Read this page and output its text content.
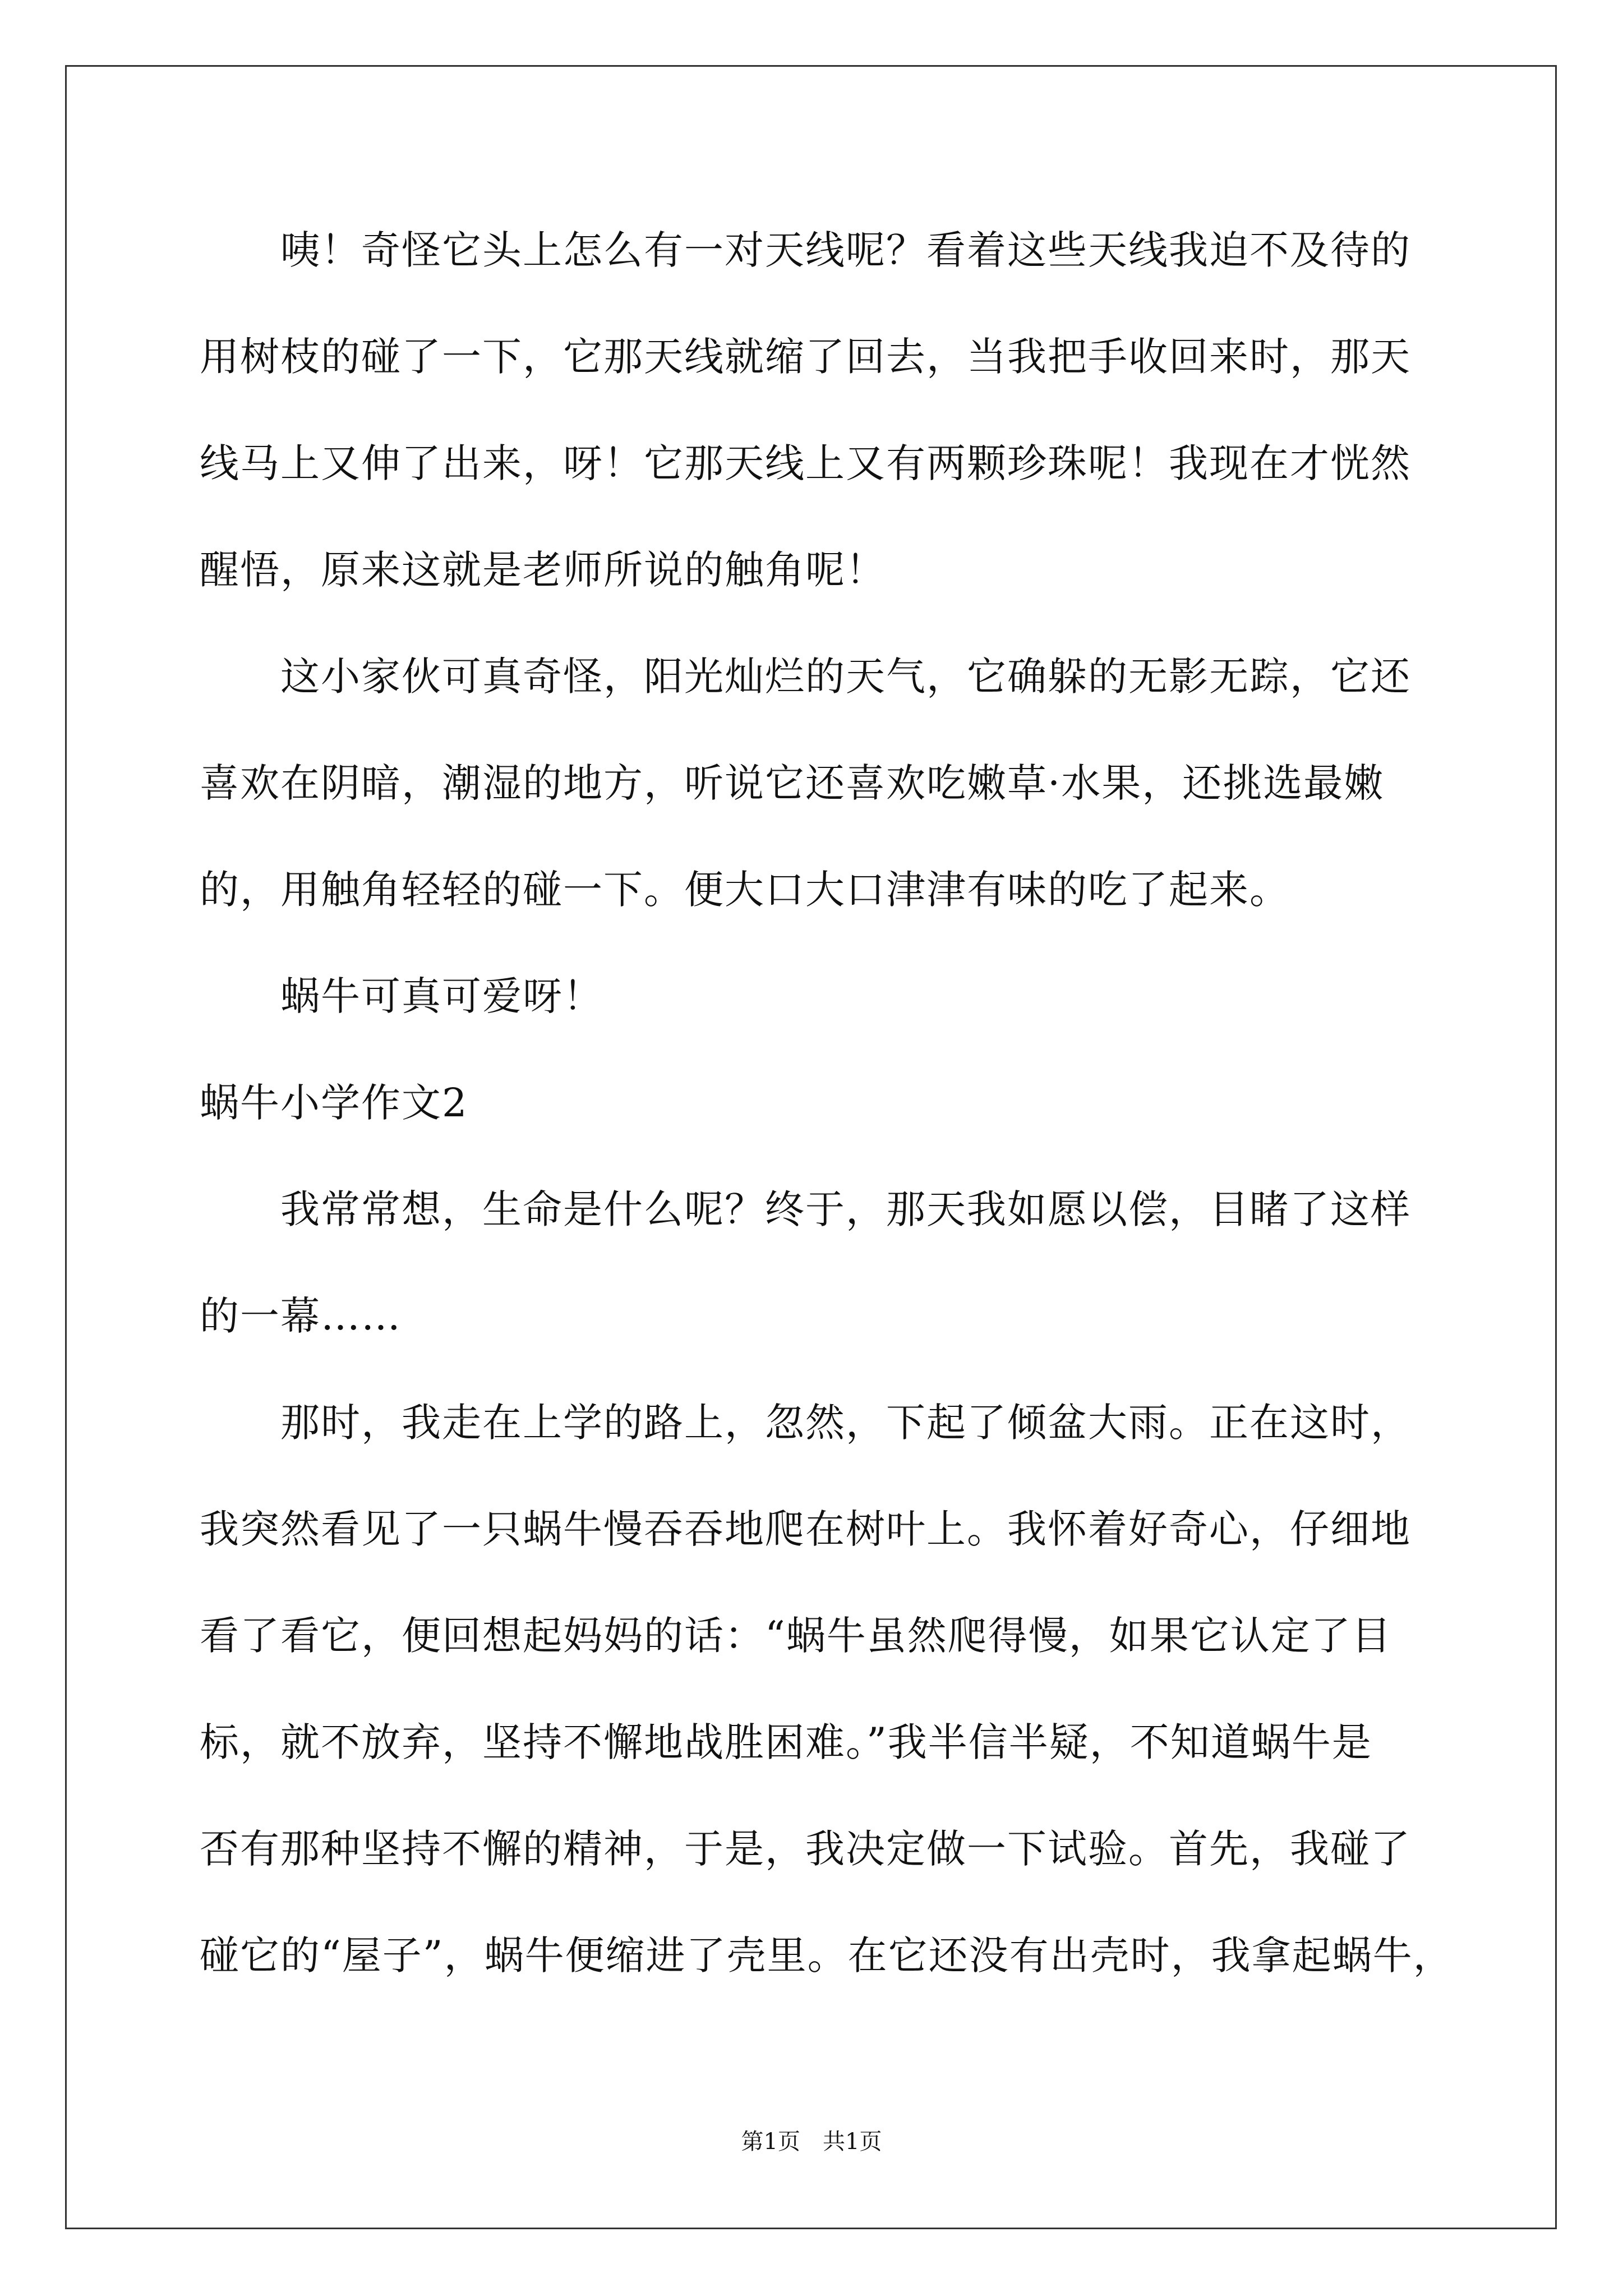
　　咦！奇怪它头上怎么有一对天线呢？看着这些天线我迫不及待的
用树枝的碰了一下，它那天线就缩了回去，当我把手收回来时，那天
线马上又伸了出来，呀！它那天线上又有两颗珍珠呢！我现在才恍然
醒悟，原来这就是老师所说的触角呢！
　　这小家伙可真奇怪，阳光灿烂的天气，它确躲的无影无踪，它还
喜欢在阴暗，潮湿的地方，听说它还喜欢吃嫩草·水果，还挑选最嫩
的，用触角轻轻的碰一下。便大口大口津津有味的吃了起来。
　　蜗牛可真可爱呀！
蜗牛小学作文2
　　我常常想，生命是什么呢？终于，那天我如愿以偿，目睹了这样
的一幕……
　　那时，我走在上学的路上，忽然，下起了倾盆大雨。正在这时，
我突然看见了一只蜗牛慢吞吞地爬在树叶上。我怀着好奇心，仔细地
看了看它，便回想起妈妈的话：“蜗牛虽然爬得慢，如果它认定了目
标，就不放弃，坚持不懈地战胜困难。”我半信半疑，不知道蜗牛是
否有那种坚持不懈的精神，于是，我决定做一下试验。首先，我碰了
碰它的“屋子”，蜗牛便缩进了壳里。在它还没有出壳时，我拿起蜗牛，
第1页　共1页
